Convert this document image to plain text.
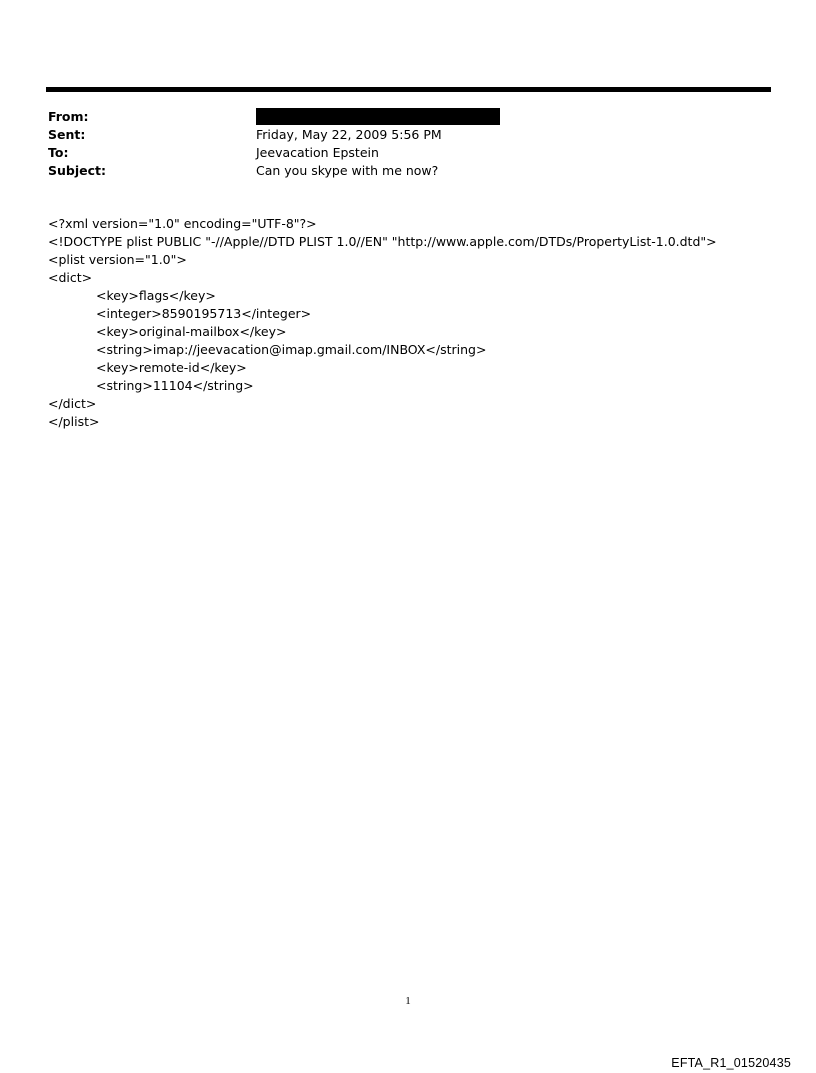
From:
Sent:	Friday, May 22, 2009 5:56 PM
To:	Jeevacation Epstein
Subject:	Can you skype with me now?
<?xml version="1.0" encoding="UTF-8"?>
<!DOCTYPE plist PUBLIC "-//Apple//DTD PLIST 1.0//EN" "http://www.apple.com/DTDs/PropertyList-1.0.dtd">
<plist version="1.0">
<dict>
<key>flags</key>
<integer>8590195713</integer>
<key>original-mailbox</key>
<string>imap://jeevacation@imap.gmail.com/INBOX</string>
<key>remote-id</key>
<string>11104</string>
</dict>
</plist>
1
EFTA_R1_01520435
